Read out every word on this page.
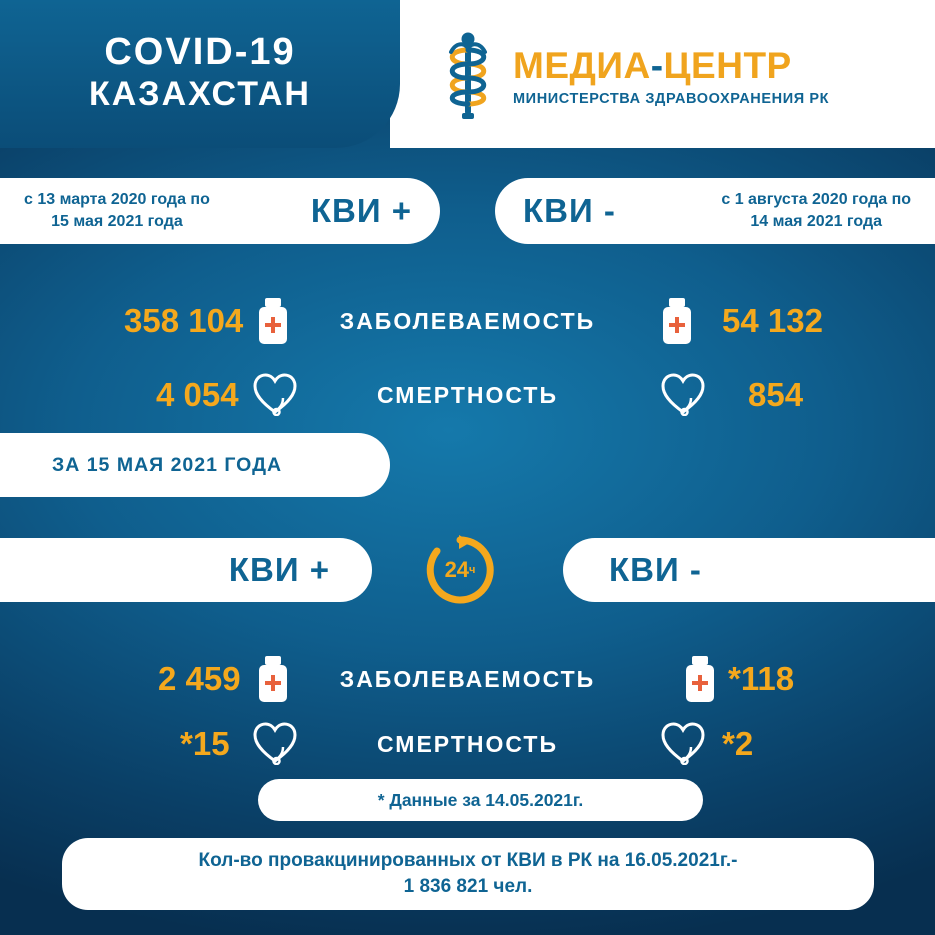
COVID-19
КАЗАХСТАН
МЕДИА-ЦЕНТР
МИНИСТЕРСТВА ЗДРАВООХРАНЕНИЯ РК
с 13 марта 2020 года по
15 мая 2021 года	КВИ +	КВИ -	с 1 августа 2020 года по
14 мая 2021 года
358 104	ЗАБОЛЕВАЕМОСТЬ	54 132
4 054	СМЕРТНОСТЬ	854
ЗА 15 МАЯ 2021 ГОДА
КВИ +	24 ч	КВИ -
2 459	ЗАБОЛЕВАЕМОСТЬ	*118
*15	СМЕРТНОСТЬ	*2
* Данные за 14.05.2021г.
Кол-во провакцинированных от КВИ в РК на 16.05.2021г.-
1 836 821 чел.
